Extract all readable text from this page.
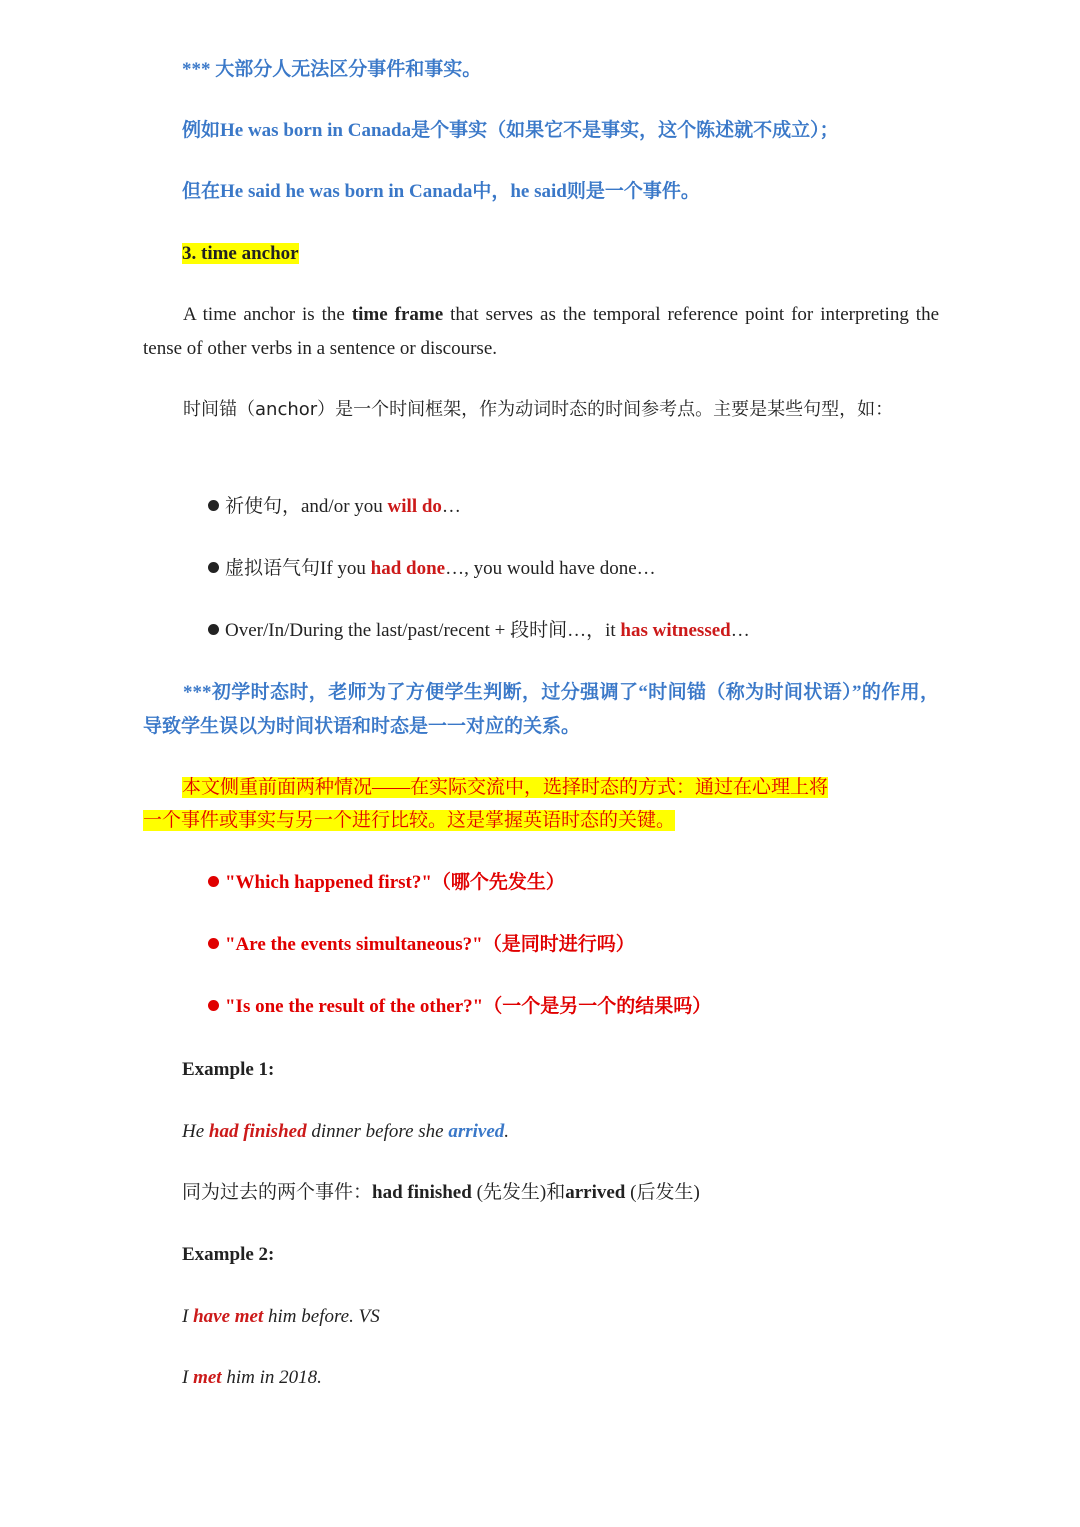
*** 大部分人无法区分事件和事实。
例如He was born in Canada是个事实（如果它不是事实，这个陈述就不成立）；
但在He said he was born in Canada中，he said则是一个事件。
3. time anchor
A time anchor is the time frame that serves as the temporal reference point for interpreting the tense of other verbs in a sentence or discourse.
时间锚（anchor）是一个时间框架，作为动词时态的时间参考点。主要是某些句型，如：
祈使句，and/or you will do…
虚拟语气句If you had done…, you would have done…
Over/In/During the last/past/recent + 段时间…，it has witnessed…
***初学时态时，老师为了方便学生判断，过分强调了“时间锚（称为时间状语）”的作用，导致学生误以为时间状语和时态是一一对应的关系。
本文侧重前面两种情况——在实际交流中，选择时态的方式：通过在心理上将
一个事件或事实与另一个进行比较。这是掌握英语时态的关键。
"Which happened first?"（哪个先发生）
"Are the events simultaneous?"（是同时进行吗）
"Is one the result of the other?"（一个是另一个的结果吗）
Example 1:
He had finished dinner before she arrived.
同为过去的两个事件：had finished (先发生)和arrived (后发生)
Example 2:
I have met him before. VS
I met him in 2018.
